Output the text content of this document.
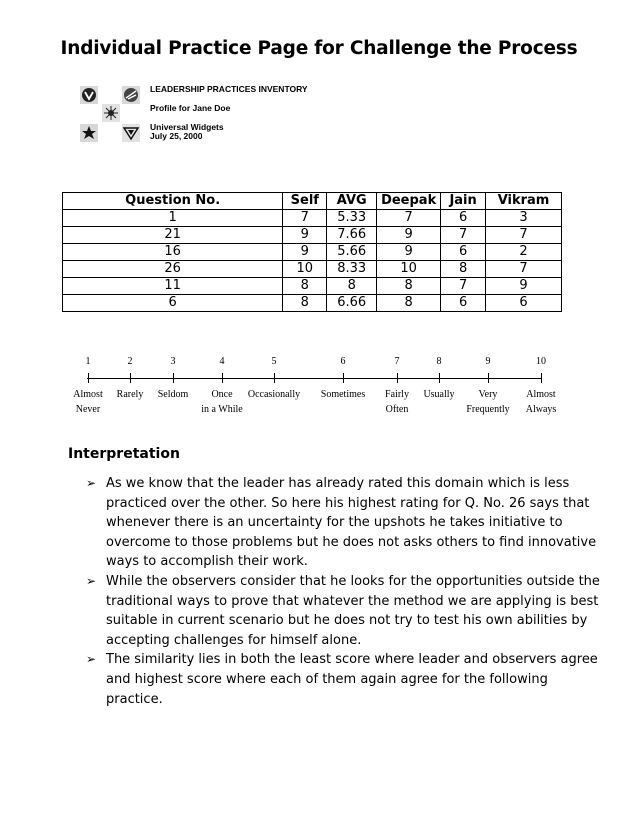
Individual Practice Page for Challenge the Process
LEADERSHIP PRACTICES INVENTORY
Profile for Jane Doe
Universal Widgets
July 25, 2000
Question No.	Self	AVG	Deepak	Jain	Vikram
1	7	5.33	7	6	3
21	9	7.66	9	7	7
16	9	5.66	9	6	2
26	10	8.33	10	8	7
11	8	8	8	7	9
6	8	6.66	8	6	6
1	2	3	4	5	6	7	8	9	10
Almost
Never
Rarely Seldom	Once
in a While
Occasionally Sometimes Fairly
Often
Usually	Very
Frequently
Almost
Always
Interpretation
➢ As we know that the leader has already rated this domain which is less practiced over the other. So here his highest rating for Q. No. 26 says that whenever there is an uncertainty for the upshots he takes initiative to overcome to those problems but he does not asks others to find innovative ways to accomplish their work.
➢ While the observers consider that he looks for the opportunities outside the traditional ways to prove that whatever the method we are applying is best suitable in current scenario but he does not try to test his own abilities by accepting challenges for himself alone.
➢ The similarity lies in both the least score where leader and observers agree and highest score where each of them again agree for the following practice.
